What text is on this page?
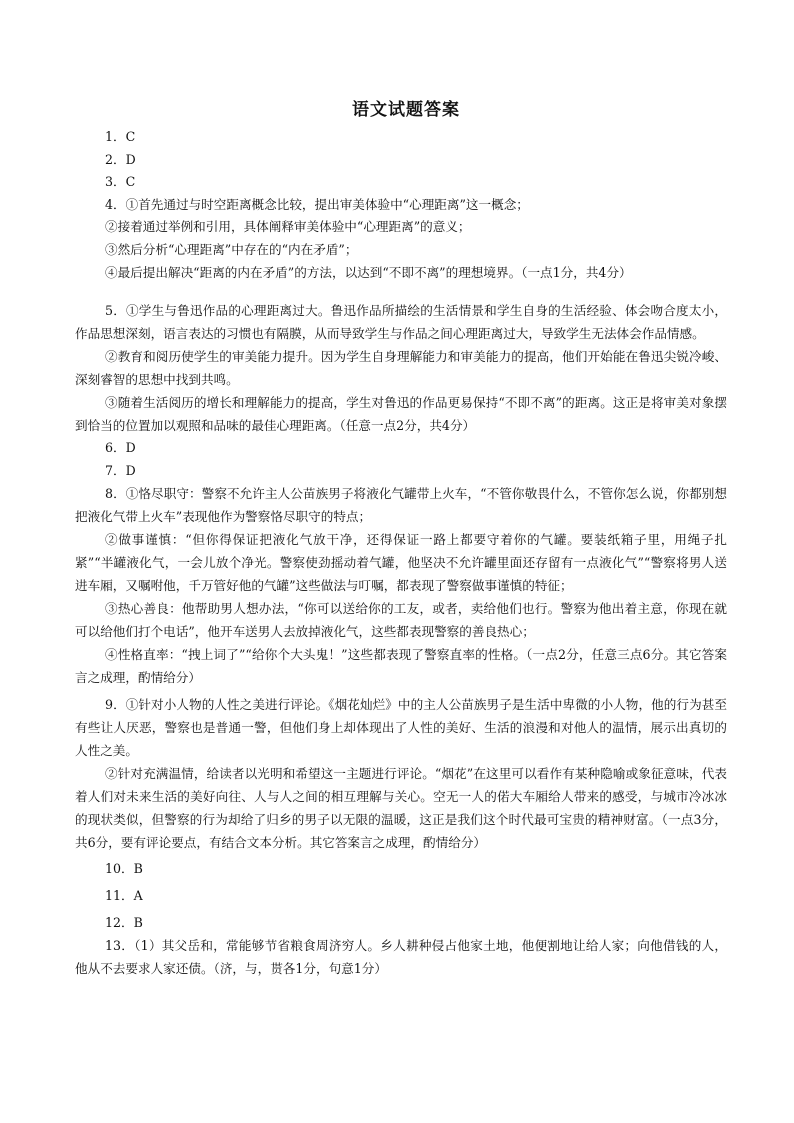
语文试题答案

1．C

2．D

3．C

4．①首先通过与时空距离概念比较，提出审美体验中“心理距离”这一概念；

②接着通过举例和引用，具体阐释审美体验中“心理距离”的意义；

③然后分析“心理距离”中存在的“内在矛盾”；

④最后提出解决“距离的内在矛盾”的方法，以达到“不即不离”的理想境界。（一点1分，共4分）

5．①学生与鲁迅作品的心理距离过大。鲁迅作品所描绘的生活情景和学生自身的生活经验、体会吻合度太小，作品思想深刻，语言表达的习惯也有隔膜，从而导致学生与作品之间心理距离过大，导致学生无法体会作品情感。

②教育和阅历使学生的审美能力提升。因为学生自身理解能力和审美能力的提高，他们开始能在鲁迅尖锐冷峻、深刻睿智的思想中找到共鸣。

③随着生活阅历的增长和理解能力的提高，学生对鲁迅的作品更易保持“不即不离”的距离。这正是将审美对象摆到恰当的位置加以观照和品味的最佳心理距离。（任意一点2分，共4分）

6．D

7．D

8．①恪尽职守：警察不允许主人公苗族男子将液化气罐带上火车，“不管你敬畏什么，不管你怎么说，你都别想把液化气带上火车”表现他作为警察恪尽职守的特点；

②做事谨慎：“但你得保证把液化气放干净，还得保证一路上都要守着你的气罐。要装纸箱子里，用绳子扎紧”“半罐液化气，一会儿放个净光。警察使劲摇动着气罐，他坚决不允许罐里面还存留有一点液化气”“警察将男人送进车厢，又嘱咐他，千万管好他的气罐”这些做法与叮嘱，都表现了警察做事谨慎的特征；

③热心善良：他帮助男人想办法，“你可以送给你的工友，或者，卖给他们也行。警察为他出着主意，你现在就可以给他们打个电话”，他开车送男人去放掉液化气，这些都表现警察的善良热心；

④性格直率：“拽上词了”“给你个大头鬼！”这些都表现了警察直率的性格。（一点2分，任意三点6分。其它答案言之成理，酌情给分）

9．①针对小人物的人性之美进行评论。《烟花灿烂》中的主人公苗族男子是生活中卑微的小人物，他的行为甚至有些让人厌恶，警察也是普通一警，但他们身上却体现出了人性的美好、生活的浪漫和对他人的温情，展示出真切的人性之美。

②针对充满温情，给读者以光明和希望这一主题进行评论。“烟花”在这里可以看作有某种隐喻或象征意味，代表着人们对未来生活的美好向往、人与人之间的相互理解与关心。空无一人的偌大车厢给人带来的感受，与城市冷冰冰的现状类似，但警察的行为却给了归乡的男子以无限的温暖，这正是我们这个时代最可宝贵的精神财富。（一点3分，共6分，要有评论要点，有结合文本分析。其它答案言之成理，酌情给分）

10．B

11．A

12．B

13．（1）其父岳和，常能够节省粮食周济穷人。乡人耕种侵占他家土地，他便割地让给人家；向他借钱的人，他从不去要求人家还债。（济，与，贳各1分，句意1分）
